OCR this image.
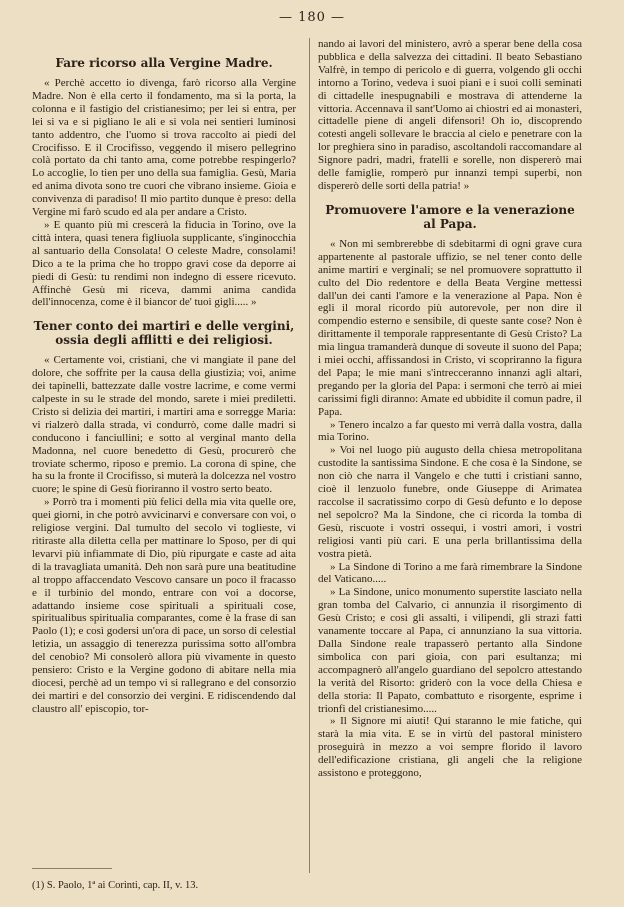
— 180 —
Fare ricorso alla Vergine Madre.

« Perchè accetto io divenga, farò ricorso alla Vergine Madre. Non è ella certo il fondamento, ma sì la porta, la colonna e il fastigio del cristianesimo; per lei si entra, per lei si va e si pigliano le ali e si vola nei sentieri luminosi tanto addentro, che l'uomo si trova raccolto ai piedi del Crocifisso. E il Crocifisso, veggendo il misero pellegrino colà portato da chi tanto ama, come potrebbe respingerlo? Lo accoglie, lo tien per uno della sua famiglia. Gesù, Maria ed anima divota sono tre cuori che vibrano insieme. Gioia e convivenza di paradiso! Il mio partito dunque è preso: della Vergine mi farò scudo ed ala per andare a Cristo.

» E quanto più mi crescerà la fiducia in Torino, ove la città intera, quasi tenera figliuola supplicante, s'inginocchia al santuario della Consolata! O celeste Madre, consolami! Dico a te la prima che ho troppo gravi cose da deporre ai piedi di Gesù: tu rendimi non indegno di essere ricevuto. Affinchè Gesù mi riceva, dammi anima candida dell'innocenza, come è il biancor de' tuoi gigli..... »

Tener conto dei martiri e delle vergini, ossia degli afflitti e dei religiosi.

« Certamente voi, cristiani, che vi mangiate il pane del dolore, che soffrite per la causa della giustizia; voi, anime dei tapinelli, battezzate dalle vostre lacrime, e come vermi calpeste in su le strade del mondo, sarete i miei prediletti. Cristo si delizia dei martiri, i martiri ama e sorregge Maria: vi rialzerò dalla strada, vi condurrò, come dalle madri si conducono i fanciullini; e sotto al verginal manto della Madonna, nel cuore benedetto di Gesù, procurerò che troviate schermo, riposo e premio. La corona di spine, che ha su la fronte il Crocifisso, si muterà la dolcezza nel vostro cuore; le spine di Gesù fioriranno il vostro serto beato.

» Porrò tra i momenti più felici della mia vita quelle ore, quei giorni, in che potrò avvicinarvi e conversare con voi, o religiose vergini. Dal tumulto del secolo vi toglieste, vi ritiraste alla diletta cella per mattinare lo Sposo, per di qui levarvi più infiammate di Dio, più ripurgate e caste ad aita di la travagliata umanità. Deh non sarà pure una beatitudine al troppo affaccendato Vescovo cansare un poco il fracasso e il turbinio del mondo, entrare con voi a docorse, adattando insieme cose spirituali a spirituali cose, spiritualibus spiritualia comparantes, come è la frase di san Paolo (1); e così godersi un'ora di pace, un sorso di celestial letizia, un assaggio di tenerezza purissima sotto all'ombra del cenobio? Mi consolerò allora più vivamente in questo pensiero: Cristo e la Vergine godono di abitare nella mia diocesi, perchè ad un tempo vi si rallegrano e del consorzio dei martiri e del consorzio dei vergini. E ridiscendendo dal claustro all' episcopio, tor-

nando ai lavori del ministero, avrò a sperar bene della cosa pubblica e della salvezza dei cittadini. Il beato Sebastiano Valfrè, in tempo di pericolo e di guerra, volgendo gli occhi intorno a Torino, vedeva i suoi piani e i suoi colli seminati di cittadelle inespugnabili e mostrava di attenderne la vittoria. Accennava il sant'Uomo ai chiostri ed ai monasteri, cittadelle piene di angeli difensori! Oh io, discoprendo cotesti angeli sollevare le braccia al cielo e penetrare con la lor preghiera sino in paradiso, ascoltandoli raccomandare al Signore padri, madri, fratelli e sorelle, non dispererò mai delle famiglie, romperò pur innanzi tempi superbi, non dispererò delle sorti della patria! »

Promuovere l'amore e la venerazione al Papa.

« Non mi sembrerebbe di sdebitarmi di ogni grave cura appartenente al pastorale uffizio, se nel tener conto delle anime martiri e verginali; se nel promuovere soprattutto il culto del Dio redentore e della Beata Vergine mettessi dall'un dei canti l'amore e la venerazione al Papa. Non è egli il moral ricordo più autorevole, per non dire il compendio esterno e sensibile, di queste sante cose? Non è dirittamente il temporale rappresentante di Gesù Cristo? La mia lingua tramanderà dunque di soveute il suono del Papa; i miei occhi, affissandosi in Cristo, vi scopriranno la figura del Papa; le mie mani s'intrecceranno innanzi agli altari, pregando per la gloria del Papa: i sermoni che terrò ai miei carissimi figli diranno: Amate ed ubbidite il comun padre, il Papa.

» Tenero incalzo a far questo mi verrà dalla vostra, dalla mia Torino.

» Voi nel luogo più augusto della chiesa metropolitana custodite la santissima Sindone. E che cosa è la Sindone, se non ciò che narra il Vangelo e che tutti i cristiani sanno, cioè il lenzuolo funebre, onde Giuseppe di Arimatea raccolse il sacratissimo corpo di Gesù defunto e lo depose nel sepolcro? Ma la Sindone, che ci ricorda la tomba di Gesù, riscuote i vostri ossequi, i vostri amori, i vostri religiosi vanti più cari. E una perla brillantissima della vostra pietà.

» La Sindone di Torino a me farà rimembrare la Sindone del Vaticano.....

» La Sindone, unico monumento superstite lasciato nella gran tomba del Calvario, ci annunzia il risorgimento di Gesù Cristo; e così gli assalti, i vilipendi, gli strazi fatti vanamente toccare al Papa, ci annunziano la sua vittoria. Dalla Sindone reale trapasserò pertanto alla Sindone simbolica con pari gioia, con pari esultanza; mi accompagnerò all'angelo guardiano del sepolcro attestando la verità del Risorto: griderò con la voce della Chiesa e della storia: Il Papato, combattuto e risorgente, esprime i trionfi del cristianesimo.....

» Il Signore mi aiuti! Qui staranno le mie fatiche, qui starà la mia vita. E se in virtù del pastoral ministero proseguirà in mezzo a voi sempre florido il lavoro dell'edificazione cristiana, gli angeli che la religione assistono e proteggono,

(1) S. Paolo, 1ª ai Corinti, cap. II, v. 13.
